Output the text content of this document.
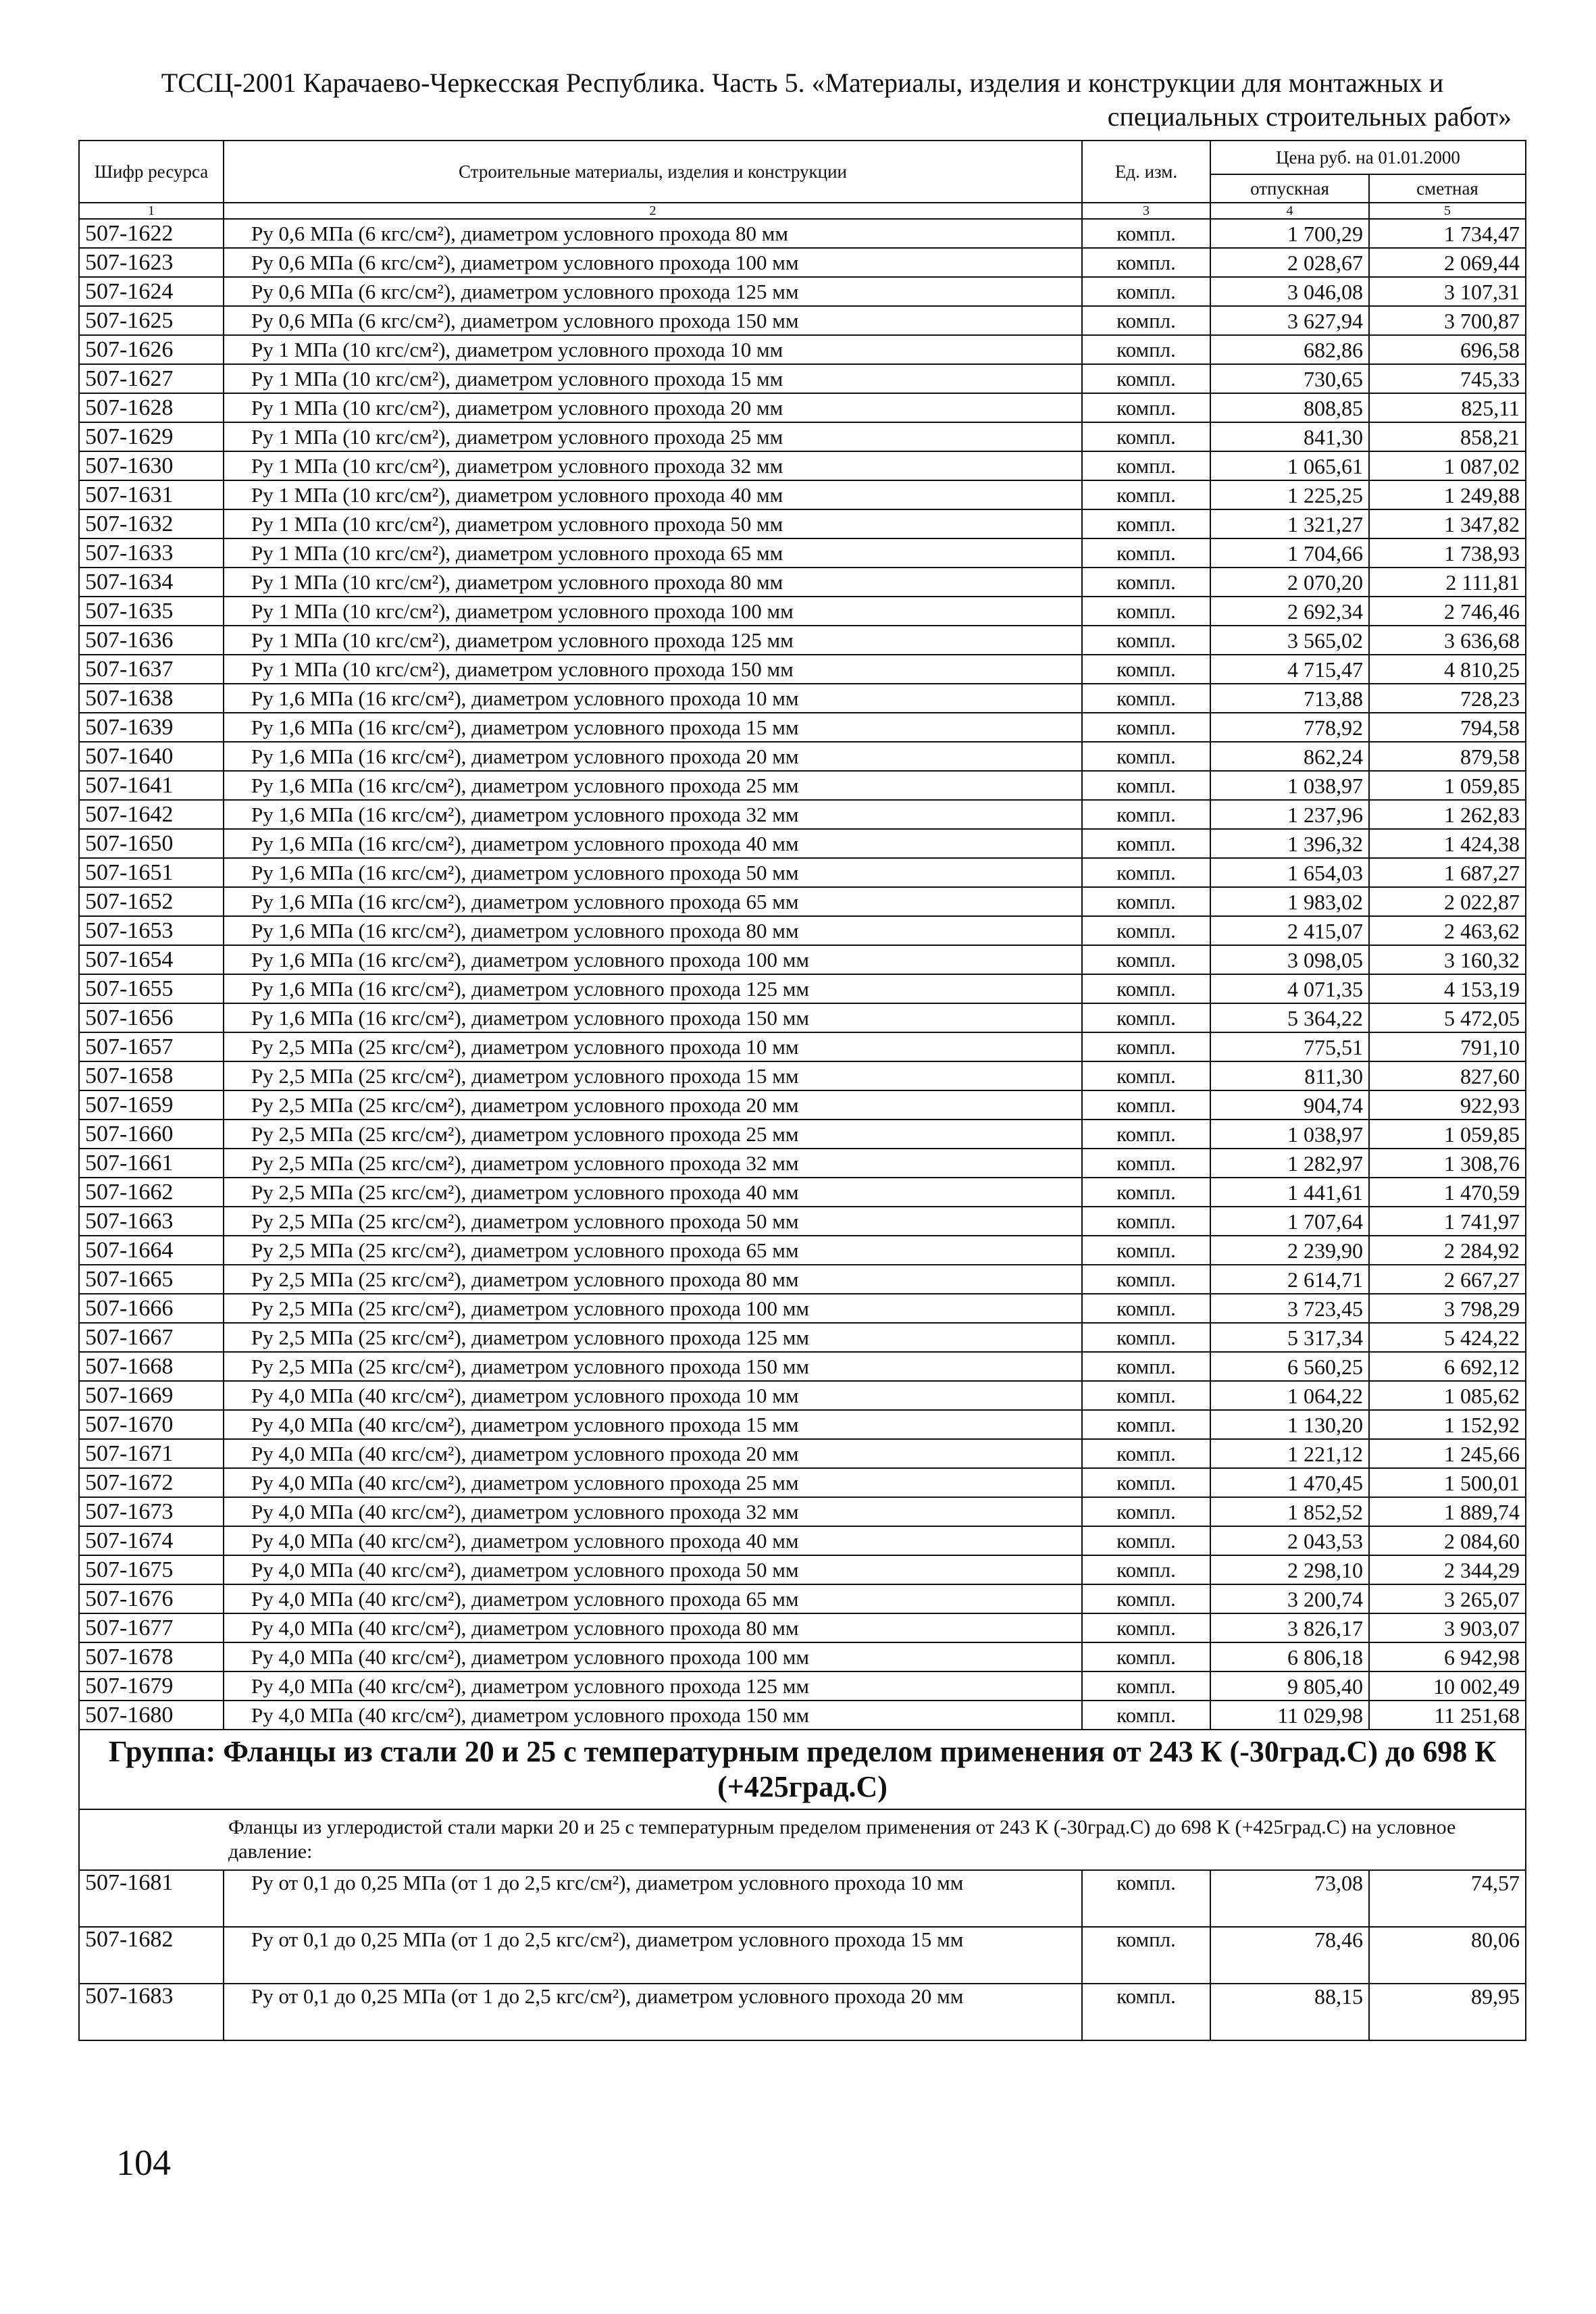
ТССЦ-2001 Карачаево-Черкесская Республика. Часть 5. «Материалы, изделия и конструкции для монтажных и
специальных строительных работ»
Шифр ресурса	Строительные материалы, изделия и конструкции	Ед. изм.	Цена руб. на 01.01.2000	
			отпускная	сметная
1	2	3	4	5
507-1622	Ру 0,6 МПа (6 кгс/см²), диаметром условного прохода 80 мм	компл.	1 700,29	1 734,47
507-1623	Ру 0,6 МПа (6 кгс/см²), диаметром условного прохода 100 мм	компл.	2 028,67	2 069,44
507-1624	Ру 0,6 МПа (6 кгс/см²), диаметром условного прохода 125 мм	компл.	3 046,08	3 107,31
507-1625	Ру 0,6 МПа (6 кгс/см²), диаметром условного прохода 150 мм	компл.	3 627,94	3 700,87
507-1626	Ру 1 МПа (10 кгс/см²), диаметром условного прохода 10 мм	компл.	682,86	696,58
507-1627	Ру 1 МПа (10 кгс/см²), диаметром условного прохода 15 мм	компл.	730,65	745,33
507-1628	Ру 1 МПа (10 кгс/см²), диаметром условного прохода 20 мм	компл.	808,85	825,11
507-1629	Ру 1 МПа (10 кгс/см²), диаметром условного прохода 25 мм	компл.	841,30	858,21
507-1630	Ру 1 МПа (10 кгс/см²), диаметром условного прохода 32 мм	компл.	1 065,61	1 087,02
507-1631	Ру 1 МПа (10 кгс/см²), диаметром условного прохода 40 мм	компл.	1 225,25	1 249,88
507-1632	Ру 1 МПа (10 кгс/см²), диаметром условного прохода 50 мм	компл.	1 321,27	1 347,82
507-1633	Ру 1 МПа (10 кгс/см²), диаметром условного прохода 65 мм	компл.	1 704,66	1 738,93
507-1634	Ру 1 МПа (10 кгс/см²), диаметром условного прохода 80 мм	компл.	2 070,20	2 111,81
507-1635	Ру 1 МПа (10 кгс/см²), диаметром условного прохода 100 мм	компл.	2 692,34	2 746,46
507-1636	Ру 1 МПа (10 кгс/см²), диаметром условного прохода 125 мм	компл.	3 565,02	3 636,68
507-1637	Ру 1 МПа (10 кгс/см²), диаметром условного прохода 150 мм	компл.	4 715,47	4 810,25
507-1638	Ру 1,6 МПа (16 кгс/см²), диаметром условного прохода 10 мм	компл.	713,88	728,23
507-1639	Ру 1,6 МПа (16 кгс/см²), диаметром условного прохода 15 мм	компл.	778,92	794,58
507-1640	Ру 1,6 МПа (16 кгс/см²), диаметром условного прохода 20 мм	компл.	862,24	879,58
507-1641	Ру 1,6 МПа (16 кгс/см²), диаметром условного прохода 25 мм	компл.	1 038,97	1 059,85
507-1642	Ру 1,6 МПа (16 кгс/см²), диаметром условного прохода 32 мм	компл.	1 237,96	1 262,83
507-1650	Ру 1,6 МПа (16 кгс/см²), диаметром условного прохода 40 мм	компл.	1 396,32	1 424,38
507-1651	Ру 1,6 МПа (16 кгс/см²), диаметром условного прохода 50 мм	компл.	1 654,03	1 687,27
507-1652	Ру 1,6 МПа (16 кгс/см²), диаметром условного прохода 65 мм	компл.	1 983,02	2 022,87
507-1653	Ру 1,6 МПа (16 кгс/см²), диаметром условного прохода 80 мм	компл.	2 415,07	2 463,62
507-1654	Ру 1,6 МПа (16 кгс/см²), диаметром условного прохода 100 мм	компл.	3 098,05	3 160,32
507-1655	Ру 1,6 МПа (16 кгс/см²), диаметром условного прохода 125 мм	компл.	4 071,35	4 153,19
507-1656	Ру 1,6 МПа (16 кгс/см²), диаметром условного прохода 150 мм	компл.	5 364,22	5 472,05
507-1657	Ру 2,5 МПа (25 кгс/см²), диаметром условного прохода 10 мм	компл.	775,51	791,10
507-1658	Ру 2,5 МПа (25 кгс/см²), диаметром условного прохода 15 мм	компл.	811,30	827,60
507-1659	Ру 2,5 МПа (25 кгс/см²), диаметром условного прохода 20 мм	компл.	904,74	922,93
507-1660	Ру 2,5 МПа (25 кгс/см²), диаметром условного прохода 25 мм	компл.	1 038,97	1 059,85
507-1661	Ру 2,5 МПа (25 кгс/см²), диаметром условного прохода 32 мм	компл.	1 282,97	1 308,76
507-1662	Ру 2,5 МПа (25 кгс/см²), диаметром условного прохода 40 мм	компл.	1 441,61	1 470,59
507-1663	Ру 2,5 МПа (25 кгс/см²), диаметром условного прохода 50 мм	компл.	1 707,64	1 741,97
507-1664	Ру 2,5 МПа (25 кгс/см²), диаметром условного прохода 65 мм	компл.	2 239,90	2 284,92
507-1665	Ру 2,5 МПа (25 кгс/см²), диаметром условного прохода 80 мм	компл.	2 614,71	2 667,27
507-1666	Ру 2,5 МПа (25 кгс/см²), диаметром условного прохода 100 мм	компл.	3 723,45	3 798,29
507-1667	Ру 2,5 МПа (25 кгс/см²), диаметром условного прохода 125 мм	компл.	5 317,34	5 424,22
507-1668	Ру 2,5 МПа (25 кгс/см²), диаметром условного прохода 150 мм	компл.	6 560,25	6 692,12
507-1669	Ру 4,0 МПа (40 кгс/см²), диаметром условного прохода 10 мм	компл.	1 064,22	1 085,62
507-1670	Ру 4,0 МПа (40 кгс/см²), диаметром условного прохода 15 мм	компл.	1 130,20	1 152,92
507-1671	Ру 4,0 МПа (40 кгс/см²), диаметром условного прохода 20 мм	компл.	1 221,12	1 245,66
507-1672	Ру 4,0 МПа (40 кгс/см²), диаметром условного прохода 25 мм	компл.	1 470,45	1 500,01
507-1673	Ру 4,0 МПа (40 кгс/см²), диаметром условного прохода 32 мм	компл.	1 852,52	1 889,74
507-1674	Ру 4,0 МПа (40 кгс/см²), диаметром условного прохода 40 мм	компл.	2 043,53	2 084,60
507-1675	Ру 4,0 МПа (40 кгс/см²), диаметром условного прохода 50 мм	компл.	2 298,10	2 344,29
507-1676	Ру 4,0 МПа (40 кгс/см²), диаметром условного прохода 65 мм	компл.	3 200,74	3 265,07
507-1677	Ру 4,0 МПа (40 кгс/см²), диаметром условного прохода 80 мм	компл.	3 826,17	3 903,07
507-1678	Ру 4,0 МПа (40 кгс/см²), диаметром условного прохода 100 мм	компл.	6 806,18	6 942,98
507-1679	Ру 4,0 МПа (40 кгс/см²), диаметром условного прохода 125 мм	компл.	9 805,40	10 002,49
507-1680	Ру 4,0 МПа (40 кгс/см²), диаметром условного прохода 150 мм	компл.	11 029,98	11 251,68
Группа: Фланцы из стали 20 и 25 с температурным пределом применения от 243 К (-30град.С) до 698 К (+425град.С)				
Фланцы из углеродистой стали марки 20 и 25 с температурным пределом применения от 243 К (-30град.С) до 698 К (+425град.С) на условное давление:				
507-1681	Ру от 0,1 до 0,25 МПа (от 1 до 2,5 кгс/см²), диаметром условного прохода 10 мм	компл.	73,08	74,57
507-1682	Ру от 0,1 до 0,25 МПа (от 1 до 2,5 кгс/см²), диаметром условного прохода 15 мм	компл.	78,46	80,06
507-1683	Ру от 0,1 до 0,25 МПа (от 1 до 2,5 кгс/см²), диаметром условного прохода 20 мм	компл.	88,15	89,95
104
